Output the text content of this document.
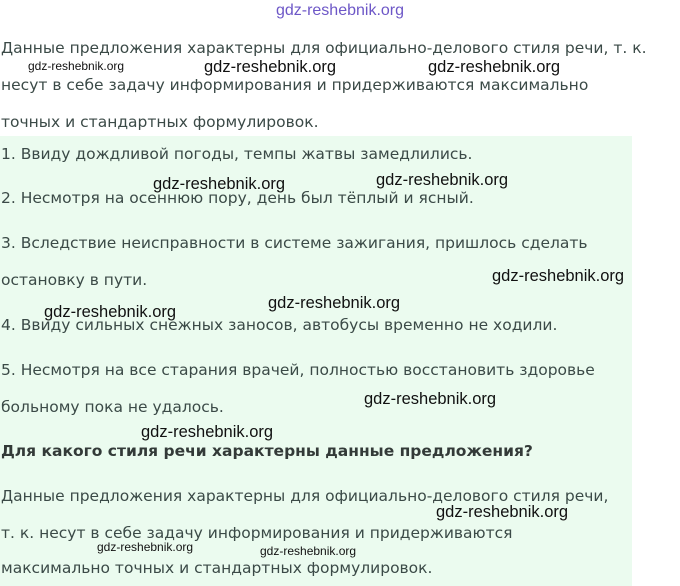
gdz-reshebnik.org

Данные предложения характерны для официально-делового стиля речи, т. к.
несут в себе задачу информирования и придерживаются максимально
точных и стандартных формулировок.

1. Ввиду дождливой погоды, темпы жатвы замедлились.

2. Несмотря на осеннюю пору, день был тёплый и ясный.

3. Вследствие неисправности в системе зажигания, пришлось сделать

остановку в пути.

4. Ввиду сильных снежных заносов, автобусы временно не ходили.

5. Несмотря на все старания врачей, полностью восстановить здоровье

больному пока не удалось.

Для какого стиля речи характерны данные предложения?

Данные предложения характерны для официально-делового стиля речи,

т. к. несут в себе задачу информирования и придерживаются

максимально точных и стандартных формулировок.

gdz-reshebnik.org	gdz-reshebnik.org	gdz-reshebnik.org
gdz-reshebnik.org	gdz-reshebnik.org
gdz-reshebnik.org
gdz-reshebnik.org	gdz-reshebnik.org
gdz-reshebnik.org
gdz-reshebnik.org
gdz-reshebnik.org
gdz-reshebnik.org	gdz-reshebnik.org
